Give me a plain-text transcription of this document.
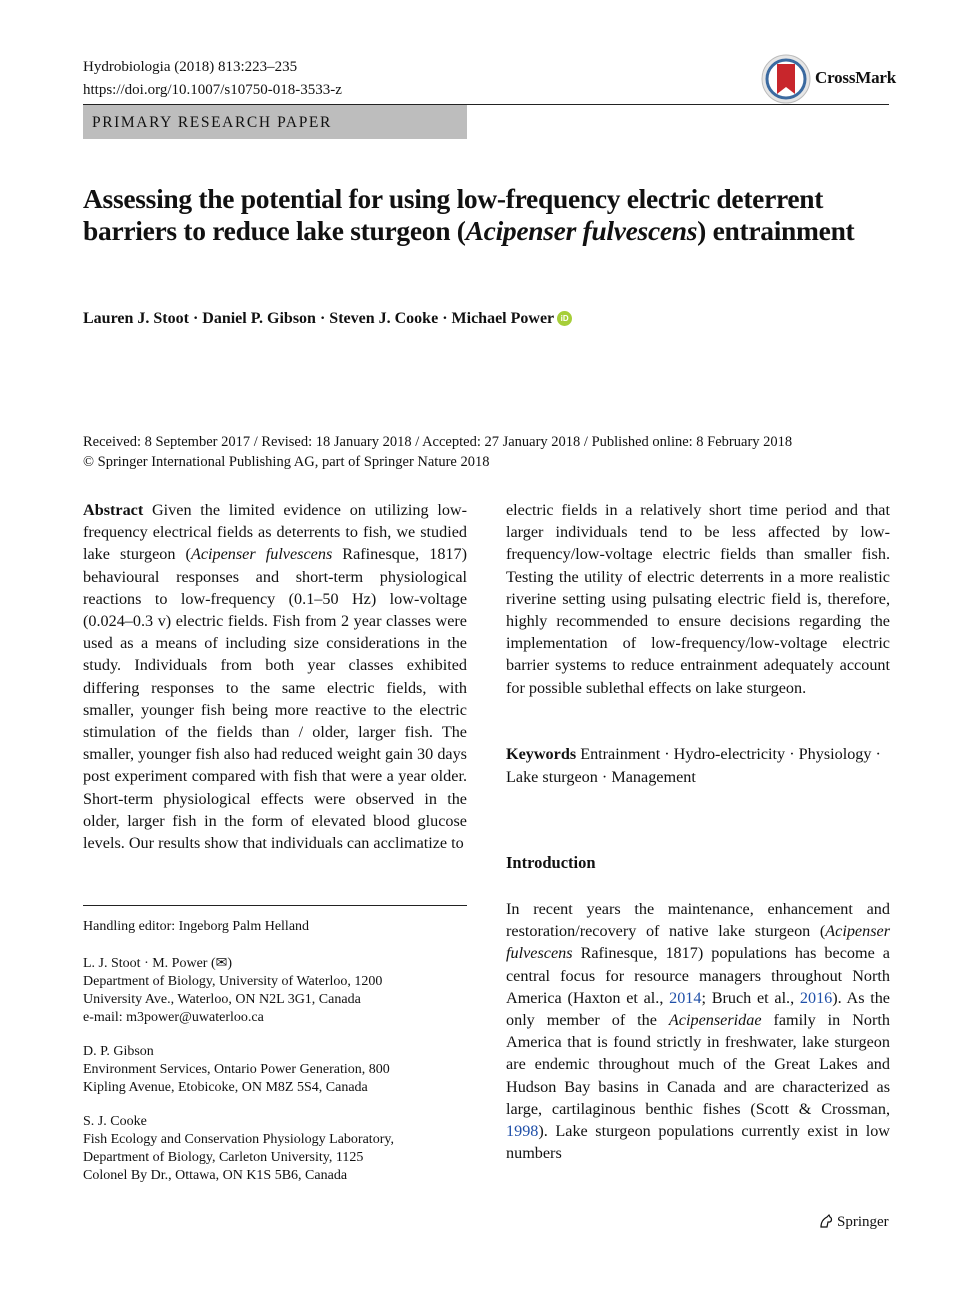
Hydrobiologia (2018) 813:223–235
https://doi.org/10.1007/s10750-018-3533-z
CrossMark
PRIMARY RESEARCH PAPER
Assessing the potential for using low-frequency electric deterrent barriers to reduce lake sturgeon (Acipenser fulvescens) entrainment
Lauren J. Stoot · Daniel P. Gibson · Steven J. Cooke · Michael Power iD
Received: 8 September 2017 / Revised: 18 January 2018 / Accepted: 27 January 2018 / Published online: 8 February 2018
© Springer International Publishing AG, part of Springer Nature 2018

Abstract Given the limited evidence on utilizing low-frequency electrical fields as deterrents to fish, we studied lake sturgeon (Acipenser fulvescens Rafinesque, 1817) behavioural responses and short-term physiological reactions to low-frequency (0.1–50 Hz) low-voltage (0.024–0.3 v) electric fields. Fish from 2 year classes were used as a means of including size considerations in the study. Individuals from both year classes exhibited differing responses to the same electric fields, with smaller, younger fish being more reactive to the electric stimulation of the fields than / older, larger fish. The smaller, younger fish also had reduced weight gain 30 days post experiment compared with fish that were a year older. Short-term physiological effects were observed in the older, larger fish in the form of elevated blood glucose levels. Our results show that individuals can acclimatize to

electric fields in a relatively short time period and that larger individuals tend to be less affected by low-frequency/low-voltage electric fields than smaller fish. Testing the utility of electric deterrents in a more realistic riverine setting using pulsating electric field is, therefore, highly recommended to ensure decisions regarding the implementation of low-frequency/low-voltage electric barrier systems to reduce entrainment adequately account for possible sublethal effects on lake sturgeon.

Keywords Entrainment · Hydro-electricity · Physiology · Lake sturgeon · Management
Introduction
In recent years the maintenance, enhancement and restoration/recovery of native lake sturgeon (Acipenser fulvescens Rafinesque, 1817) populations has become a central focus for resource managers throughout North America (Haxton et al., 2014; Bruch et al., 2016). As the only member of the Acipenseridae family in North America that is found strictly in freshwater, lake sturgeon are endemic throughout much of the Great Lakes and Hudson Bay basins in Canada and are characterized as large, cartilaginous benthic fishes (Scott & Crossman, 1998). Lake sturgeon populations currently exist in low numbers
Handling editor: Ingeborg Palm Helland
L. J. Stoot · M. Power (✉)
Department of Biology, University of Waterloo, 1200
University Ave., Waterloo, ON N2L 3G1, Canada
e-mail: m3power@uwaterloo.ca
D. P. Gibson
Environment Services, Ontario Power Generation, 800
Kipling Avenue, Etobicoke, ON M8Z 5S4, Canada
S. J. Cooke
Fish Ecology and Conservation Physiology Laboratory,
Department of Biology, Carleton University, 1125
Colonel By Dr., Ottawa, ON K1S 5B6, Canada
Springer
